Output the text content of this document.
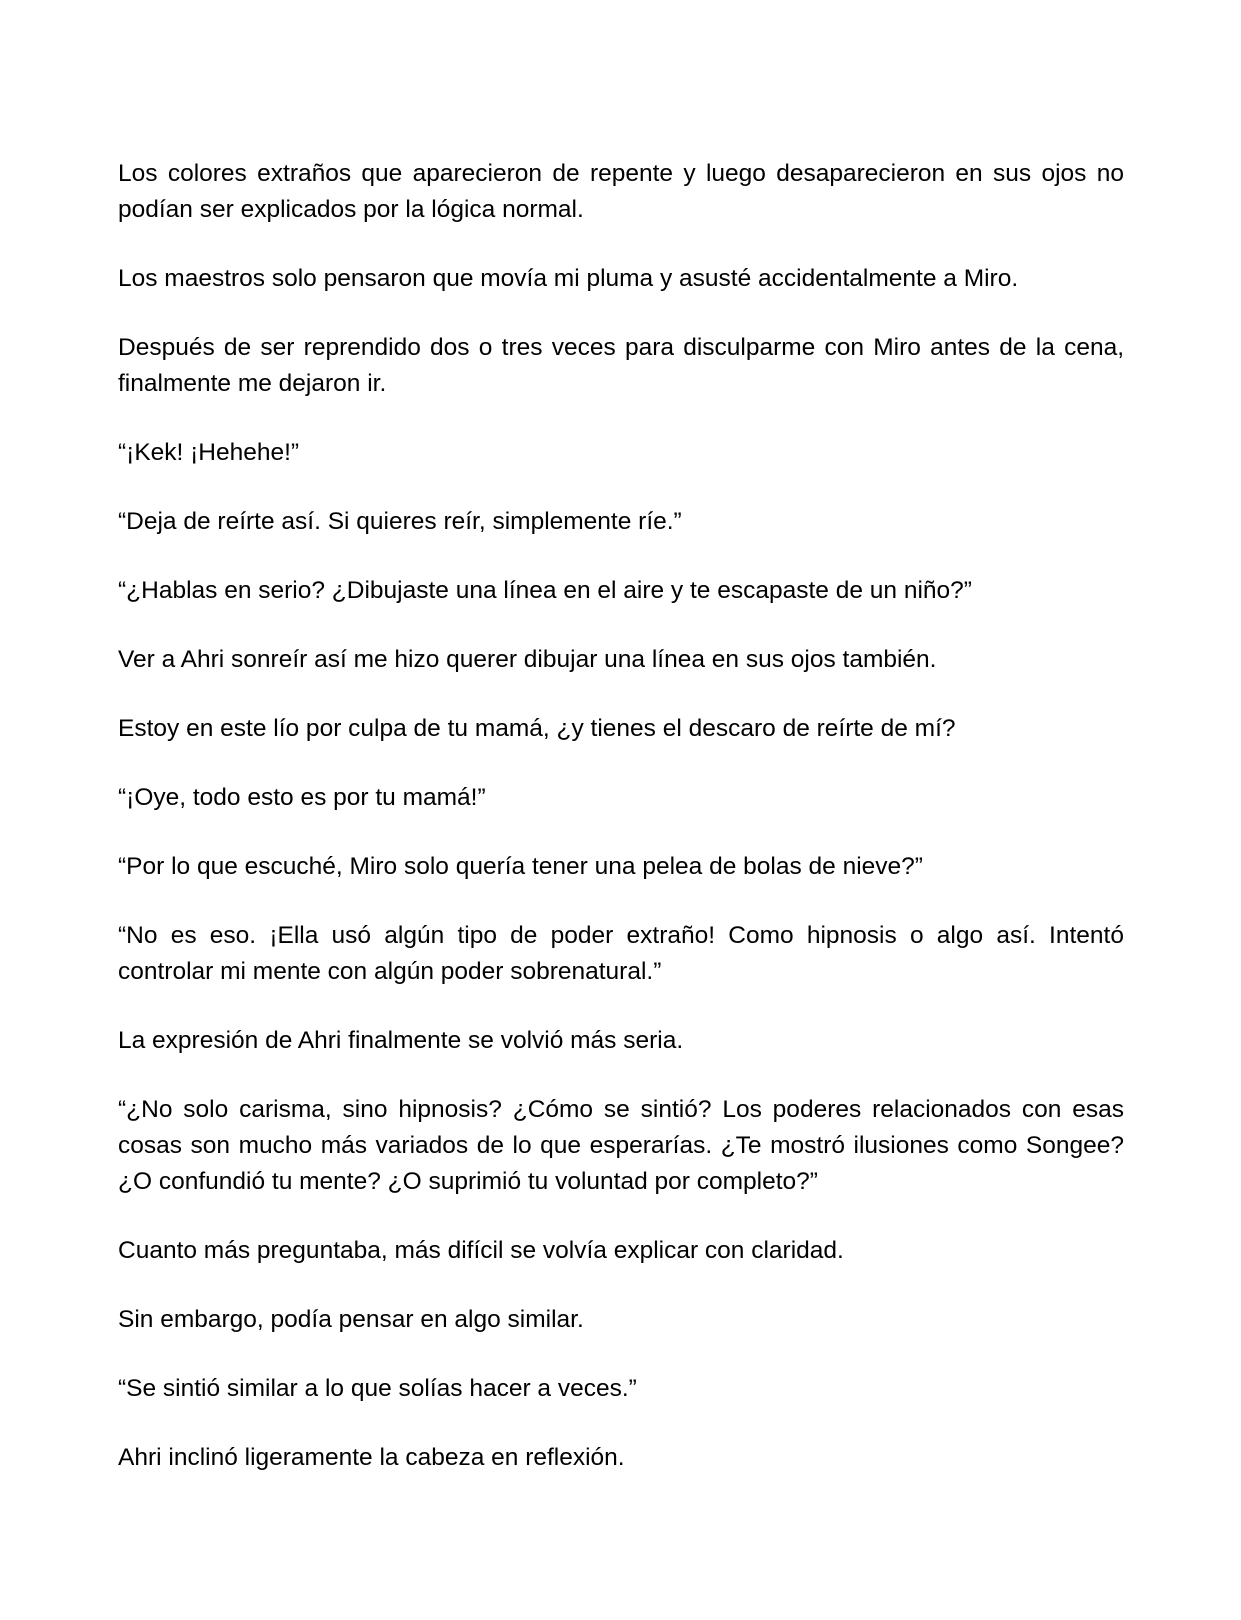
Los colores extraños que aparecieron de repente y luego desaparecieron en sus ojos no podían ser explicados por la lógica normal.

Los maestros solo pensaron que movía mi pluma y asusté accidentalmente a Miro.

Después de ser reprendido dos o tres veces para disculparme con Miro antes de la cena, finalmente me dejaron ir.

“¡Kek! ¡Hehehe!”

“Deja de reírte así. Si quieres reír, simplemente ríe.”

“¿Hablas en serio? ¿Dibujaste una línea en el aire y te escapaste de un niño?”

Ver a Ahri sonreír así me hizo querer dibujar una línea en sus ojos también.

Estoy en este lío por culpa de tu mamá, ¿y tienes el descaro de reírte de mí?

“¡Oye, todo esto es por tu mamá!”

“Por lo que escuché, Miro solo quería tener una pelea de bolas de nieve?”

“No es eso. ¡Ella usó algún tipo de poder extraño! Como hipnosis o algo así. Intentó controlar mi mente con algún poder sobrenatural.”

La expresión de Ahri finalmente se volvió más seria.

“¿No solo carisma, sino hipnosis? ¿Cómo se sintió? Los poderes relacionados con esas cosas son mucho más variados de lo que esperarías. ¿Te mostró ilusiones como Songee? ¿O confundió tu mente? ¿O suprimió tu voluntad por completo?”

Cuanto más preguntaba, más difícil se volvía explicar con claridad.

Sin embargo, podía pensar en algo similar.

“Se sintió similar a lo que solías hacer a veces.”

Ahri inclinó ligeramente la cabeza en reflexión.
